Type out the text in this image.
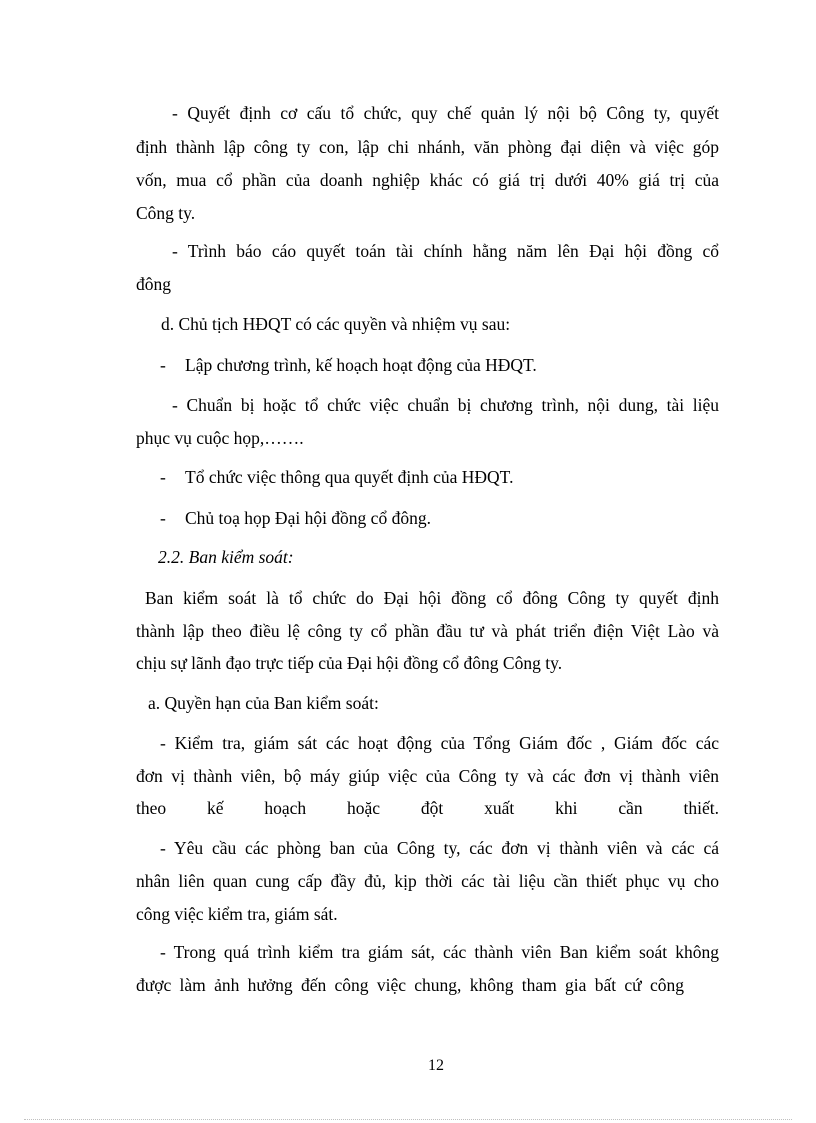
- Quyết định cơ cấu tổ chức, quy chế quản lý nội bộ Công ty, quyết
định thành lập công ty con, lập chi nhánh, văn phòng đại diện và việc góp
vốn, mua cổ phần của doanh nghiệp khác có giá trị dưới 40% giá trị của
Công ty.
- Trình báo cáo quyết toán tài chính hằng năm lên Đại hội đồng cổ
đông
d. Chủ tịch HĐQT có các quyền và nhiệm vụ sau:
- Lập chương trình, kế hoạch hoạt động của HĐQT.
- Chuẩn bị hoặc tổ chức việc chuẩn bị chương trình, nội dung, tài liệu
phục vụ cuộc họp,…….
- Tổ chức việc thông qua quyết định của HĐQT.
- Chủ toạ họp Đại hội đồng cổ đông.
2.2. Ban kiểm soát:
Ban kiểm soát là tổ chức do Đại hội đồng cổ đông Công ty quyết định
thành lập theo điều lệ công ty cổ phần đầu tư và phát triển điện Việt Lào và
chịu sự lãnh đạo trực tiếp của Đại hội đồng cổ đông Công ty.
a. Quyền hạn của Ban kiểm soát:
- Kiểm tra, giám sát các hoạt động của Tổng Giám đốc , Giám đốc các
đơn vị thành viên, bộ máy giúp việc của Công ty và các đơn vị thành viên
theo kế hoạch hoặc đột xuất khi cần thiết.
- Yêu cầu các phòng ban của Công ty, các đơn vị thành viên và các cá
nhân liên quan cung cấp đầy đủ, kịp thời các tài liệu cần thiết phục vụ cho
công việc kiểm tra, giám sát.
- Trong quá trình kiểm tra giám sát, các thành viên Ban kiểm soát không
được làm ảnh hưởng đến công việc chung, không tham gia bất cứ công
12
